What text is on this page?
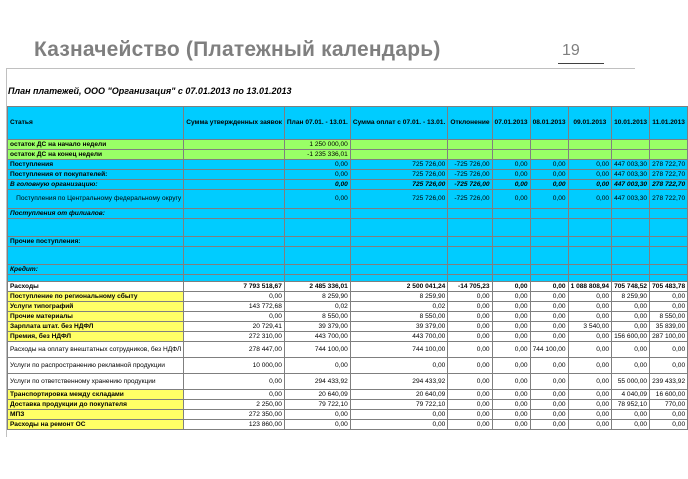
Казначейство (Платежный календарь)	19
План платежей, ООО "Организация" с 07.01.2013 по 13.01.2013
Статья	Сумма утвержденных заявок	План 07.01. - 13.01.	Сумма оплат с 07.01. - 13.01.	Отклонение	07.01.2013	08.01.2013	09.01.2013	10.01.2013	11.01.2013
остаток ДС на начало недели		1 250 000,00							
остаток ДС на конец недели		-1 235 336,01							
Поступления		0,00	725 726,00	-725 726,00	0,00	0,00	0,00	447 003,30	278 722,70
Поступления от покупателей:		0,00	725 726,00	-725 726,00	0,00	0,00	0,00	447 003,30	278 722,70
В головную организацию:		0,00	725 726,00	-725 726,00	0,00	0,00	0,00	447 003,30	278 722,70
Поступления по Центральному федеральному округу		0,00	725 726,00	-725 726,00	0,00	0,00	0,00	447 003,30	278 722,70
Поступления от филиалов:									

Прочие поступления:									

Кредит:									

Расходы	7 793 518,67	2 485 336,01	2 500 041,24	-14 705,23	0,00	0,00	1 088 808,94	705 748,52	705 483,78
Поступление по региональному сбыту	0,00	8 259,90	8 259,90	0,00	0,00	0,00	0,00	8 259,90	0,00
Услуги типографий	143 772,68	0,02	0,02	0,00	0,00	0,00	0,00	0,00	0,00
Прочие материалы	0,00	8 550,00	8 550,00	0,00	0,00	0,00	0,00	0,00	8 550,00
Зарплата штат. без НДФЛ	20 729,41	39 379,00	39 379,00	0,00	0,00	0,00	3 540,00	0,00	35 839,00
Премия, без НДФЛ	272 310,00	443 700,00	443 700,00	0,00	0,00	0,00	0,00	156 600,00	287 100,00
Расходы на оплату внештатных сотрудников, без НДФЛ	278 447,00	744 100,00	744 100,00	0,00	0,00	744 100,00	0,00	0,00	0,00
Услуги по распространению рекламной продукции	10 000,00	0,00	0,00	0,00	0,00	0,00	0,00	0,00	0,00
Услуги по ответственному хранению продукции	0,00	294 433,92	294 433,92	0,00	0,00	0,00	0,00	55 000,00	239 433,92
Транспортировка между складами	0,00	20 640,09	20 640,09	0,00	0,00	0,00	0,00	4 040,09	16 600,00
Доставка продукции до покупателя	2 250,00	79 722,10	79 722,10	0,00	0,00	0,00	0,00	78 952,10	770,00
МПЗ	272 350,00	0,00	0,00	0,00	0,00	0,00	0,00	0,00	0,00
Расходы на ремонт ОС	123 860,00	0,00	0,00	0,00	0,00	0,00	0,00	0,00	0,00
